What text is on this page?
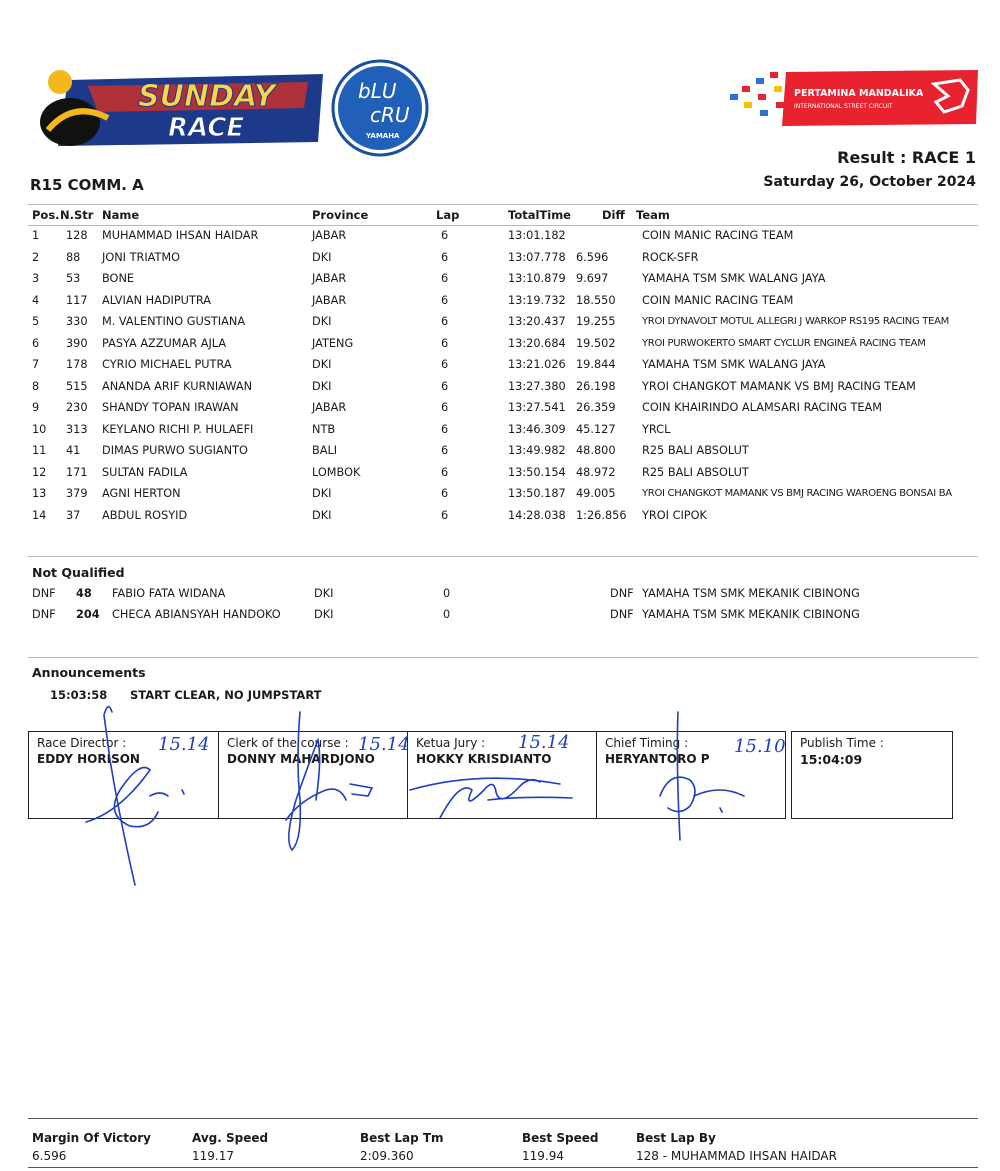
SUNDAY
RACE
bLU
cRU
YAMAHA
PERTAMINA MANDALIKA
INTERNATIONAL STREET CIRCUIT
Result : RACE 1
Saturday 26, October 2024
R15 COMM. A
Pos. N.Str Name	Province	Lap	TotalTime	Diff Team
1 128 MUHAMMAD IHSAN HAIDAR	JABAR	6	13:01.182	COIN MANIC RACING TEAM
2 88 JONI TRIATMO	DKI	6	13:07.778 6.596	ROCK-SFR
3 53 BONE	JABAR	6	13:10.879 9.697	YAMAHA TSM SMK WALANG JAYA
4 117 ALVIAN HADIPUTRA	JABAR	6	13:19.732 18.550 COIN MANIC RACING TEAM
5 330 M. VALENTINO GUSTIANA	DKI	6	13:20.437 19.255	YROI DYNAVOLT MOTUL ALLEGRI J WARKOP RS195 RACING TEAM
6 390 PASYA AZZUMAR AJLA	JATENG	6	13:20.684 19.502	YROI PURWOKERTO SMART CYCLUR ENGINEÂ RACING TEAM
7 178 CYRIO MICHAEL PUTRA	DKI	6	13:21.026 19.844 YAMAHA TSM SMK WALANG JAYA
8 515 ANANDA ARIF KURNIAWAN	DKI	6	13:27.380 26.198 YROI CHANGKOT MAMANK VS BMJ RACING TEAM
9 230 SHANDY TOPAN IRAWAN	JABAR	6	13:27.541 26.359 COIN KHAIRINDO ALAMSARI RACING TEAM
10 313 KEYLANO RICHI P. HULAEFI	NTB	6	13:46.309 45.127 YRCL
11 41 DIMAS PURWO SUGIANTO	BALI	6	13:49.982 48.800 R25 BALI ABSOLUT
12 171 SULTAN FADILA	LOMBOK	6	13:50.154 48.972 R25 BALI ABSOLUT
13 379 AGNI HERTON	DKI	6	13:50.187 49.005	YROI CHANGKOT MAMANK VS BMJ RACING WAROENG BONSAI BA
14 37 ABDUL ROSYID	DKI	6	14:28.038 1:26.856 YROI CIPOK
Not Qualified
DNF 48 FABIO FATA WIDANA	DKI	0	DNF YAMAHA TSM SMK MEKANIK CIBINONG
DNF 204 CHECA ABIANSYAH HANDOKO	DKI	0	DNF YAMAHA TSM SMK MEKANIK CIBINONG
Announcements
15:03:58 START CLEAR, NO JUMPSTART
Race Director :
EDDY HORISON
Clerk of the course :
DONNY MAHARDJONO
Ketua Jury :
HOKKY KRISDIANTO
Chief Timing :
HERYANTORO P
Publish Time :
15:04:09
15.14	15.14	15.14	15.10
Margin Of Victory
6.596
Avg. Speed
119.17
Best Lap Tm
2:09.360
Best Speed
119.94
Best Lap By
128 - MUHAMMAD IHSAN HAIDAR
